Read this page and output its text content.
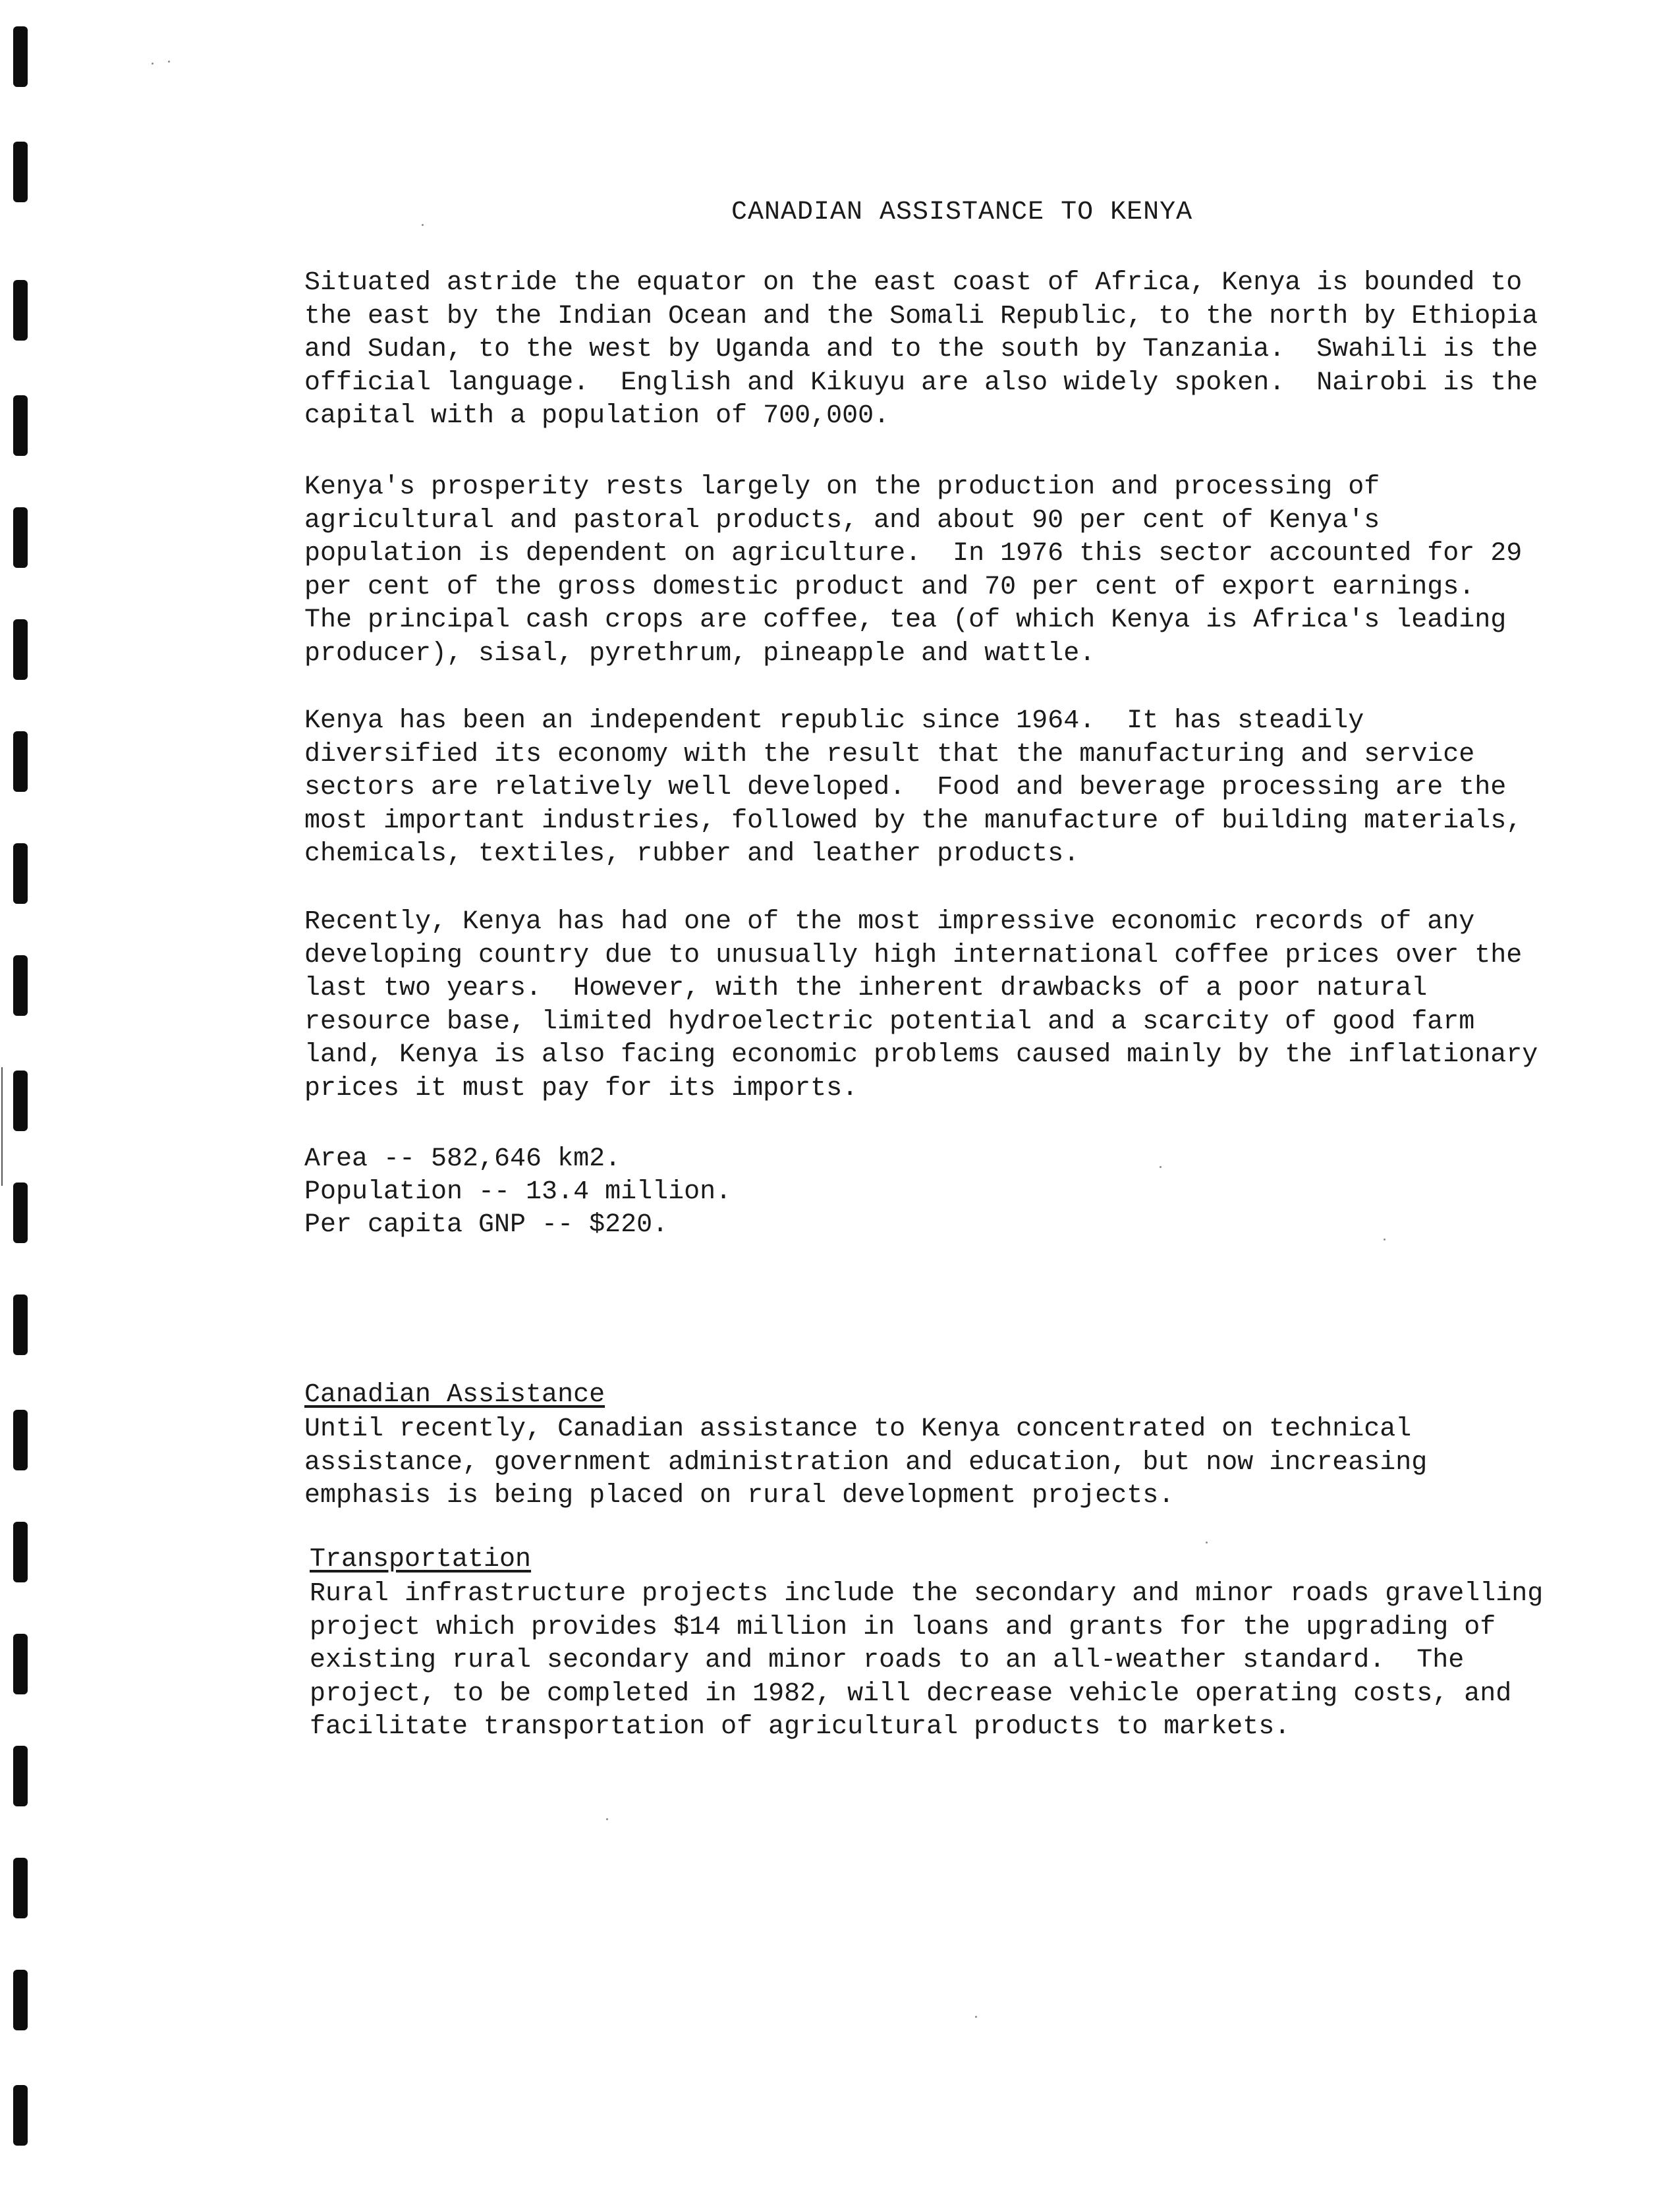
CANADIAN ASSISTANCE TO KENYA
Situated astride the equator on the east coast of Africa, Kenya is bounded to
the east by the Indian Ocean and the Somali Republic, to the north by Ethiopia
and Sudan, to the west by Uganda and to the south by Tanzania.  Swahili is the
official language.  English and Kikuyu are also widely spoken.  Nairobi is the
capital with a population of 700,000.
Kenya's prosperity rests largely on the production and processing of
agricultural and pastoral products, and about 90 per cent of Kenya's
population is dependent on agriculture.  In 1976 this sector accounted for 29
per cent of the gross domestic product and 70 per cent of export earnings.
The principal cash crops are coffee, tea (of which Kenya is Africa's leading
producer), sisal, pyrethrum, pineapple and wattle.
Kenya has been an independent republic since 1964.  It has steadily
diversified its economy with the result that the manufacturing and service
sectors are relatively well developed.  Food and beverage processing are the
most important industries, followed by the manufacture of building materials,
chemicals, textiles, rubber and leather products.
Recently, Kenya has had one of the most impressive economic records of any
developing country due to unusually high international coffee prices over the
last two years.  However, with the inherent drawbacks of a poor natural
resource base, limited hydroelectric potential and a scarcity of good farm
land, Kenya is also facing economic problems caused mainly by the inflationary
prices it must pay for its imports.
Area -- 582,646 km2.
Population -- 13.4 million.
Per capita GNP -- $220.
Canadian Assistance
Until recently, Canadian assistance to Kenya concentrated on technical
assistance, government administration and education, but now increasing
emphasis is being placed on rural development projects.
Transportation
Rural infrastructure projects include the secondary and minor roads gravelling
project which provides $14 million in loans and grants for the upgrading of
existing rural secondary and minor roads to an all-weather standard.  The
project, to be completed in 1982, will decrease vehicle operating costs, and
facilitate transportation of agricultural products to markets.
